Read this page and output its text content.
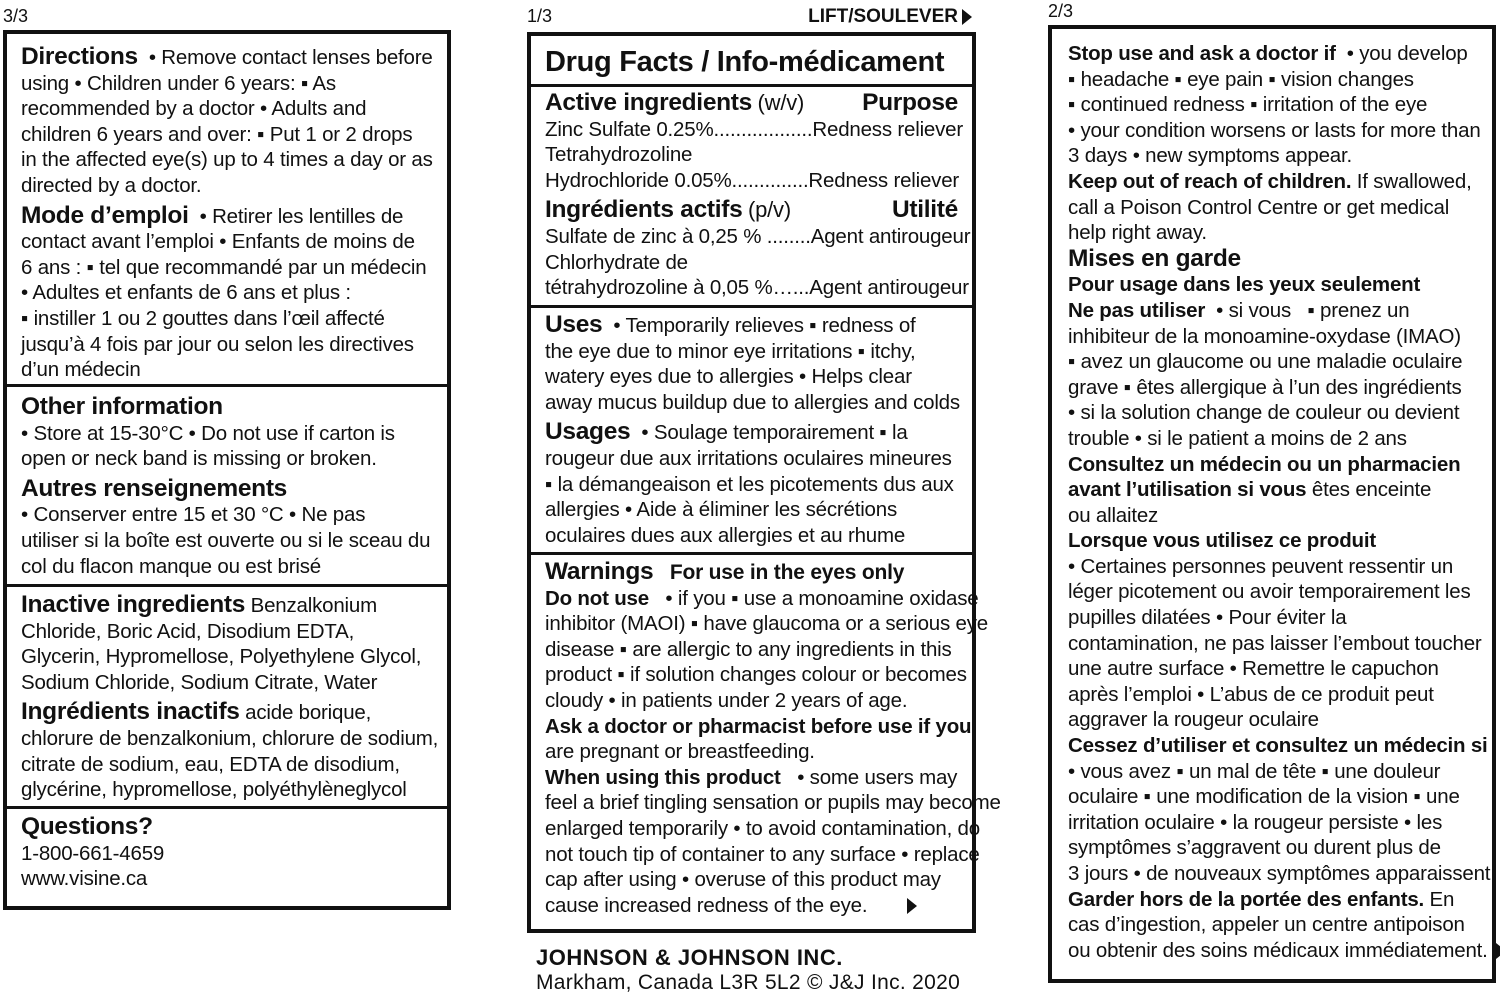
3/3
Directions • Remove contact lenses before
using • Children under 6 years: ▪ As
recommended by a doctor • Adults and
children 6 years and over: ▪ Put 1 or 2 drops
in the affected eye(s) up to 4 times a day or as
directed by a doctor.
Mode d’emploi • Retirer les lentilles de
contact avant l’emploi • Enfants de moins de
6 ans : ▪ tel que recommandé par un médecin
• Adultes et enfants de 6 ans et plus :
▪ instiller 1 ou 2 gouttes dans l’œil affecté
jusqu’à 4 fois par jour ou selon les directives
d’un médecin
Other information
• Store at 15-30°C • Do not use if carton is
open or neck band is missing or broken.
Autres renseignements
• Conserver entre 15 et 30 °C • Ne pas
utiliser si la boîte est ouverte ou si le sceau du
col du flacon manque ou est brisé
Inactive ingredients Benzalkonium
Chloride, Boric Acid, Disodium EDTA,
Glycerin, Hypromellose, Polyethylene Glycol,
Sodium Chloride, Sodium Citrate, Water
Ingrédients inactifs acide borique,
chlorure de benzalkonium, chlorure de sodium,
citrate de sodium, eau, EDTA de disodium,
glycérine, hypromellose, polyéthylèneglycol
Questions?
1-800-661-4659
www.visine.ca
1/3	LIFT/SOULEVER
Drug Facts / Info-médicament
Active ingredients (w/v) Purpose
Zinc Sulfate 0.25%..................Redness reliever
Tetrahydrozoline
Hydrochloride 0.05%..............Redness reliever
Ingrédients actifs (p/v)	Utilité
Sulfate de zinc à 0,25 % ........Agent antirougeur
Chlorhydrate de
tétrahydrozoline à 0,05 %…...Agent antirougeur
Uses • Temporarily relieves ▪ redness of
the eye due to minor eye irritations ▪ itchy,
watery eyes due to allergies • Helps clear
away mucus buildup due to allergies and colds
Usages • Soulage temporairement ▪ la
rougeur due aux irritations oculaires mineures
▪ la démangeaison et les picotements dus aux
allergies • Aide à éliminer les sécrétions
oculaires dues aux allergies et au rhume
Warnings For use in the eyes only
Do not use • if you ▪ use a monoamine oxidase
inhibitor (MAOI) ▪ have glaucoma or a serious eye
disease ▪ are allergic to any ingredients in this
product ▪ if solution changes colour or becomes
cloudy • in patients under 2 years of age.
Ask a doctor or pharmacist before use if you
are pregnant or breastfeeding.
When using this product • some users may
feel a brief tingling sensation or pupils may become
enlarged temporarily • to avoid contamination, do
not touch tip of container to any surface • replace
cap after using • overuse of this product may
cause increased redness of the eye.
JOHNSON & JOHNSON INC.
Markham, Canada L3R 5L2 © J&J Inc. 2020
2/3
Stop use and ask a doctor if  • you develop
▪ headache ▪ eye pain ▪ vision changes
▪ continued redness ▪ irritation of the eye
• your condition worsens or lasts for more than
3 days • new symptoms appear.
Keep out of reach of children. If swallowed,
call a Poison Control Centre or get medical
help right away.
Mises en garde
Pour usage dans les yeux seulement
Ne pas utiliser  • si vous   ▪ prenez un
inhibiteur de la monoamine-oxydase (IMAO)
▪ avez un glaucome ou une maladie oculaire
grave ▪ êtes allergique à l’un des ingrédients
• si la solution change de couleur ou devient
trouble • si le patient a moins de 2 ans
Consultez un médecin ou un pharmacien
avant l’utilisation si vous êtes enceinte
ou allaitez
Lorsque vous utilisez ce produit
• Certaines personnes peuvent ressentir un
léger picotement ou avoir temporairement les
pupilles dilatées • Pour éviter la
contamination, ne pas laisser l’embout toucher
une autre surface • Remettre le capuchon
après l’emploi • L’abus de ce produit peut
aggraver la rougeur oculaire
Cessez d’utiliser et consultez un médecin si
• vous avez ▪ un mal de tête ▪ une douleur
oculaire ▪ une modification de la vision ▪ une
irritation oculaire • la rougeur persiste • les
symptômes s’aggravent ou durent plus de
3 jours • de nouveaux symptômes apparaissent
Garder hors de la portée des enfants. En
cas d’ingestion, appeler un centre antipoison
ou obtenir des soins médicaux immédiatement.
